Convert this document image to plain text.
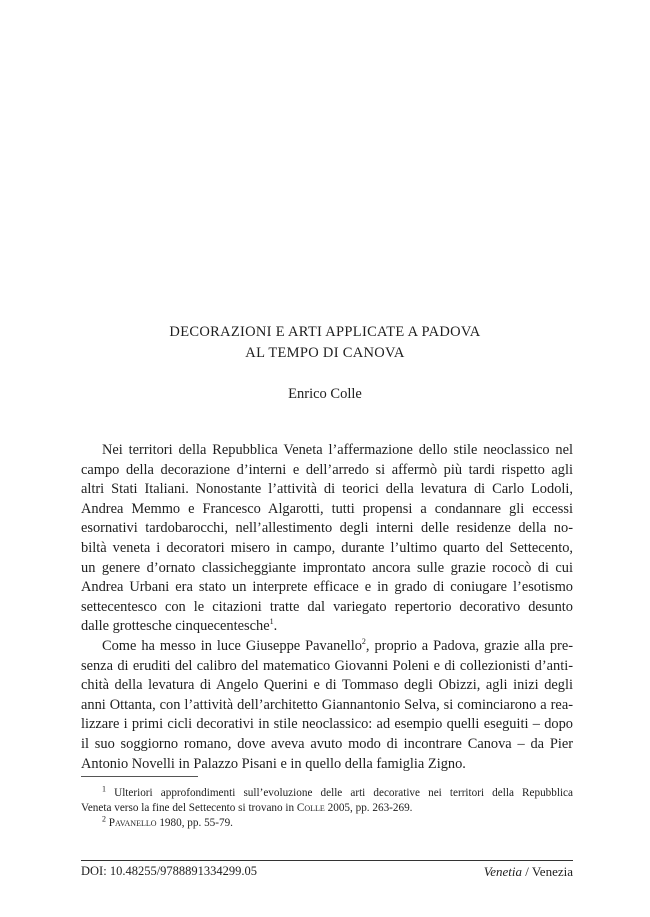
DECORAZIONI E ARTI APPLICATE A PADOVA
AL TEMPO DI CANOVA
Enrico Colle

Nei territori della Repubblica Veneta l’affermazione dello stile neoclassico nel
campo della decorazione d’interni e dell’arredo si affermò più tardi rispetto agli
altri Stati Italiani. Nonostante l’attività di teorici della levatura di Carlo Lodoli,
Andrea Memmo e Francesco Algarotti, tutti propensi a condannare gli eccessi
esornativi tardobarocchi, nell’allestimento degli interni delle residenze della no-
biltà veneta i decoratori misero in campo, durante l’ultimo quarto del Settecento,
un genere d’ornato classicheggiante improntato ancora sulle grazie rococò di cui
Andrea Urbani era stato un interprete efficace e in grado di coniugare l’esotismo
settecentesco con le citazioni tratte dal variegato repertorio decorativo desunto
dalle grottesche cinquecentesche$^1$.

Come ha messo in luce Giuseppe Pavanello$^2$, proprio a Padova, grazie alla pre-
senza di eruditi del calibro del matematico Giovanni Poleni e di collezionisti d’anti-
chità della levatura di Angelo Querini e di Tommaso degli Obizzi, agli inizi degli
anni Ottanta, con l’attività dell’architetto Giannantonio Selva, si cominciarono a rea-
lizzare i primi cicli decorativi in stile neoclassico: ad esempio quelli eseguiti – dopo
il suo soggiorno romano, dove aveva avuto modo di incontrare Canova – da Pier
Antonio Novelli in Palazzo Pisani e in quello della famiglia Zigno.

$^1$ Ulteriori approfondimenti sull’evoluzione delle arti decorative nei territori della Repubblica
Veneta verso la fine del Settecento si trovano in Colle 2005, pp. 263-269.
$^2$ Pavanello 1980, pp. 55-79.
DOI: 10.48255/9788891334299.05	Venetia / Venezia
